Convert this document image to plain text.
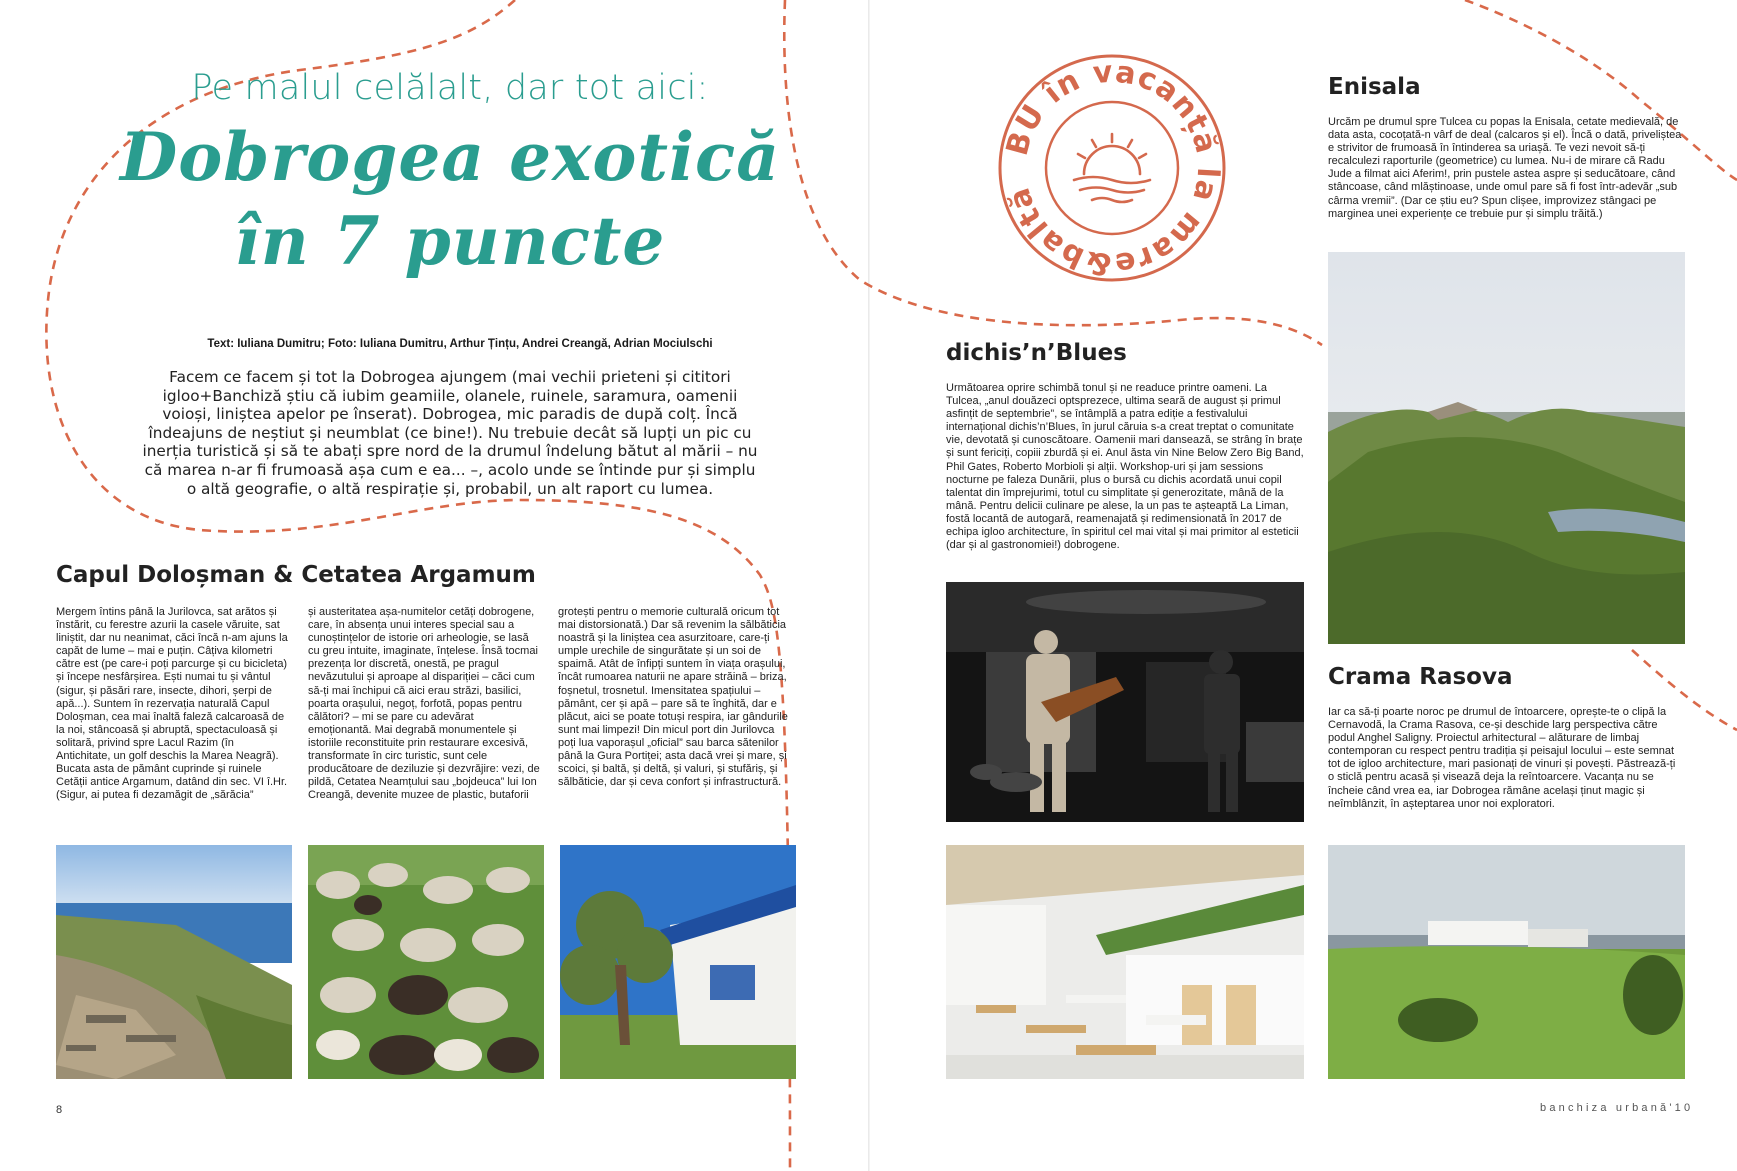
Pe malul celălalt, dar tot aici:
Dobrogea exotică
în 7 puncte
Text: Iuliana Dumitru; Foto: Iuliana Dumitru, Arthur Țințu, Andrei Creangă, Adrian Mociulschi
Facem ce facem și tot la Dobrogea ajungem (mai vechii prieteni și cititori igloo+Banchiză știu că iubim geamiile, olanele, ruinele, saramura, oamenii voioși, liniștea apelor pe înserat). Dobrogea, mic paradis de după colț. Încă îndeajuns de neștiut și neumblat (ce bine!). Nu trebuie decât să lupți un pic cu inerția turistică și să te abați spre nord de la drumul îndelung bătut al mării – nu că marea n-ar fi frumoasă așa cum e ea... –, acolo unde se întinde pur și simplu o altă geografie, o altă respirație și, probabil, un alt raport cu lumea.
Capul Doloșman & Cetatea Argamum
Mergem întins până la Jurilovca, sat arătos și înstărit, cu ferestre azurii la casele văruite, sat liniștit, dar nu neanimat, căci încă n-am ajuns la capăt de lume – mai e puțin. Câțiva kilometri către est (pe care-i poți parcurge și cu bicicleta) și începe nesfârșirea. Ești numai tu și vântul (sigur, și păsări rare, insecte, dihori, șerpi de apă...). Suntem în rezervația naturală Capul Doloșman, cea mai înaltă faleză calcaroasă de la noi, stâncoasă și abruptă, spectaculoasă și solitară, privind spre Lacul Razim (în Antichitate, un golf deschis la Marea Neagră). Bucata asta de pământ cuprinde și ruinele Cetății antice Argamum, datând din sec. VI î.Hr. (Sigur, ai putea fi dezamăgit de „sărăcia”
și austeritatea așa-numitelor cetăți dobrogene, care, în absența unui interes special sau a cunoștințelor de istorie ori arheologie, se lasă cu greu intuite, imaginate, înțelese. Însă tocmai prezența lor discretă, onestă, pe pragul nevăzutului și aproape al dispariției – căci cum să-ți mai închipui că aici erau străzi, basilici, poarta orașului, negoț, forfotă, popas pentru călători? – mi se pare cu adevărat emoționantă. Mai degrabă monumentele și istoriile reconstituite prin restaurare excesivă, transformate în circ turistic, sunt cele producătoare de deziluzie și dezvrăjire: vezi, de pildă, Cetatea Neamțului sau „bojdeuca” lui Ion Creangă, devenite muzee de plastic, butaforii
grotești pentru o memorie culturală oricum tot mai distorsionată.) Dar să revenim la sălbăticia noastră și la liniștea cea asurzitoare, care-ți umple urechile de singurătate și un soi de spaimă. Atât de înfipți suntem în viața orașului, încât rumoarea naturii ne apare străină – briza, foșnetul, trosnetul. Imensitatea spațiului – pământ, cer și apă – pare să te înghită, dar e plăcut, aici se poate totuși respira, iar gândurile sunt mai limpezi! Din micul port din Jurilovca poți lua vaporașul „oficial” sau barca sătenilor până la Gura Portiței; asta dacă vrei și mare, și scoici, și baltă, și deltă, și valuri, și stufăriș, și sălbăticie, dar și ceva confort și infrastructură.
8
BU în vacanță la mare&baltă
dichis’n’Blues
Următoarea oprire schimbă tonul și ne readuce printre oameni. La Tulcea, „anul douăzeci optsprezece, ultima seară de august și primul asfințit de septembrie”, se întâmplă a patra ediție a festivalului internațional dichis’n’Blues, în jurul căruia s-a creat treptat o comunitate vie, devotată și cunoscătoare. Oamenii mari dansează, se strâng în brațe și sunt fericiți, copiii zburdă și ei. Anul ăsta vin Nine Below Zero Big Band, Phil Gates, Roberto Morbioli și alții. Workshop-uri și jam sessions nocturne pe faleza Dunării, plus o bursă cu dichis acordată unui copil talentat din împrejurimi, totul cu simplitate și generozitate, mână de la mână. Pentru delicii culinare pe alese, la un pas te așteaptă La Liman, fostă locantă de autogară, reamenajată și redimensionată în 2017 de echipa igloo architecture, în spiritul cel mai vital și mai primitor al esteticii (dar și al gastronomiei!) dobrogene.
Enisala
Urcăm pe drumul spre Tulcea cu popas la Enisala, cetate medievală, de data asta, cocoțată-n vârf de deal (calcaros și el). Încă o dată, priveliștea e strivitor de frumoasă în întinderea sa uriașă. Te vezi nevoit să-ți recalculezi raporturile (geometrice) cu lumea. Nu-i de mirare că Radu Jude a filmat aici Aferim!, prin pustele astea aspre și seducătoare, când stâncoase, când mlăștinoase, unde omul pare să fi fost într-adevăr „sub cârma vremii”. (Dar ce știu eu? Spun clișee, improvizez stângaci pe marginea unei experiențe ce trebuie pur și simplu trăită.)
Crama Rasova
Iar ca să-ți poarte noroc pe drumul de întoarcere, oprește-te o clipă la Cernavodă, la Crama Rasova, ce-și deschide larg perspectiva către podul Anghel Saligny. Proiectul arhitectural – alăturare de limbaj contemporan cu respect pentru tradiția și peisajul locului – este semnat tot de igloo architecture, mari pasionați de vinuri și povești. Păstrează-ți o sticlă pentru acasă și visează deja la reîntoarcere. Vacanța nu se încheie când vrea ea, iar Dobrogea rămâne același ținut magic și neîmblânzit, în așteptarea unor noi exploratori.
banchiza urbană'10
